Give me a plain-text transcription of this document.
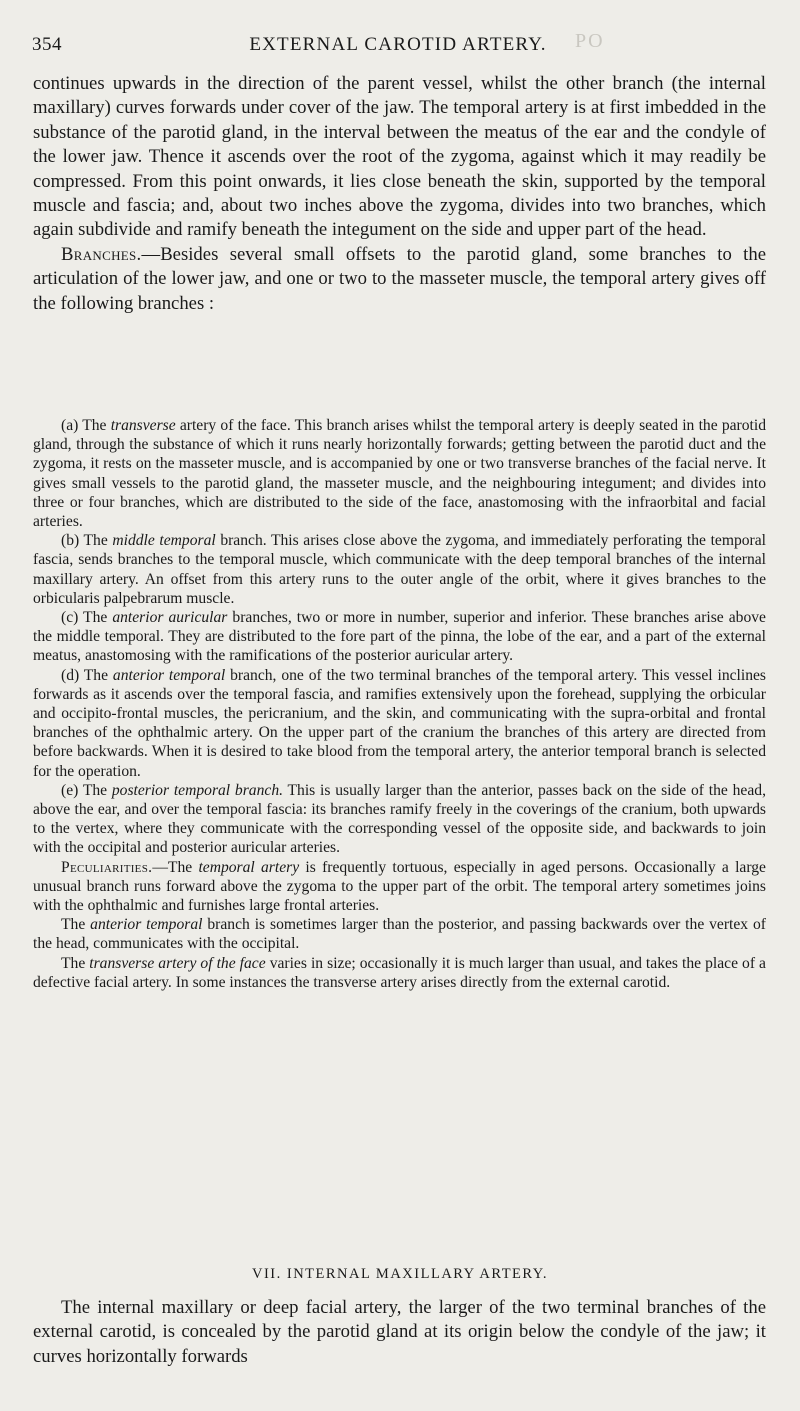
PO
354	EXTERNAL CAROTID ARTERY.

continues upwards in the direction of the parent vessel, whilst the other branch (the internal maxillary) curves forwards under cover of the jaw. The temporal artery is at first imbedded in the substance of the parotid gland, in the interval between the meatus of the ear and the condyle of the lower jaw. Thence it ascends over the root of the zygoma, against which it may readily be compressed. From this point onwards, it lies close beneath the skin, supported by the temporal muscle and fascia; and, about two inches above the zygoma, divides into two branches, which again subdivide and ramify beneath the integument on the side and upper part of the head.

Branches.—Besides several small offsets to the parotid gland, some branches to the articulation of the lower jaw, and one or two to the masseter muscle, the temporal artery gives off the following branches :

(a) The transverse artery of the face. This branch arises whilst the temporal artery is deeply seated in the parotid gland, through the substance of which it runs nearly horizontally forwards; getting between the parotid duct and the zygoma, it rests on the masseter muscle, and is accompanied by one or two transverse branches of the facial nerve. It gives small vessels to the parotid gland, the masseter muscle, and the neighbouring integument; and divides into three or four branches, which are distributed to the side of the face, anastomosing with the infraorbital and facial arteries.

(b) The middle temporal branch. This arises close above the zygoma, and immediately perforating the temporal fascia, sends branches to the temporal muscle, which communicate with the deep temporal branches of the internal maxillary artery. An offset from this artery runs to the outer angle of the orbit, where it gives branches to the orbicularis palpebrarum muscle.

(c) The anterior auricular branches, two or more in number, superior and inferior. These branches arise above the middle temporal. They are distributed to the fore part of the pinna, the lobe of the ear, and a part of the external meatus, anastomosing with the ramifications of the posterior auricular artery.

(d) The anterior temporal branch, one of the two terminal branches of the temporal artery. This vessel inclines forwards as it ascends over the temporal fascia, and ramifies extensively upon the forehead, supplying the orbicular and occipito-frontal muscles, the pericranium, and the skin, and communicating with the supra-orbital and frontal branches of the ophthalmic artery. On the upper part of the cranium the branches of this artery are directed from before backwards. When it is desired to take blood from the temporal artery, the anterior temporal branch is selected for the operation.

(e) The posterior temporal branch. This is usually larger than the anterior, passes back on the side of the head, above the ear, and over the temporal fascia: its branches ramify freely in the coverings of the cranium, both upwards to the vertex, where they communicate with the corresponding vessel of the opposite side, and backwards to join with the occipital and posterior auricular arteries.

Peculiarities.—The temporal artery is frequently tortuous, especially in aged persons. Occasionally a large unusual branch runs forward above the zygoma to the upper part of the orbit. The temporal artery sometimes joins with the ophthalmic and furnishes large frontal arteries.

The anterior temporal branch is sometimes larger than the posterior, and passing backwards over the vertex of the head, communicates with the occipital.

The transverse artery of the face varies in size; occasionally it is much larger than usual, and takes the place of a defective facial artery. In some instances the transverse artery arises directly from the external carotid.

VII. INTERNAL MAXILLARY ARTERY.

The internal maxillary or deep facial artery, the larger of the two terminal branches of the external carotid, is concealed by the parotid gland at its origin below the condyle of the jaw; it curves horizontally forwards
